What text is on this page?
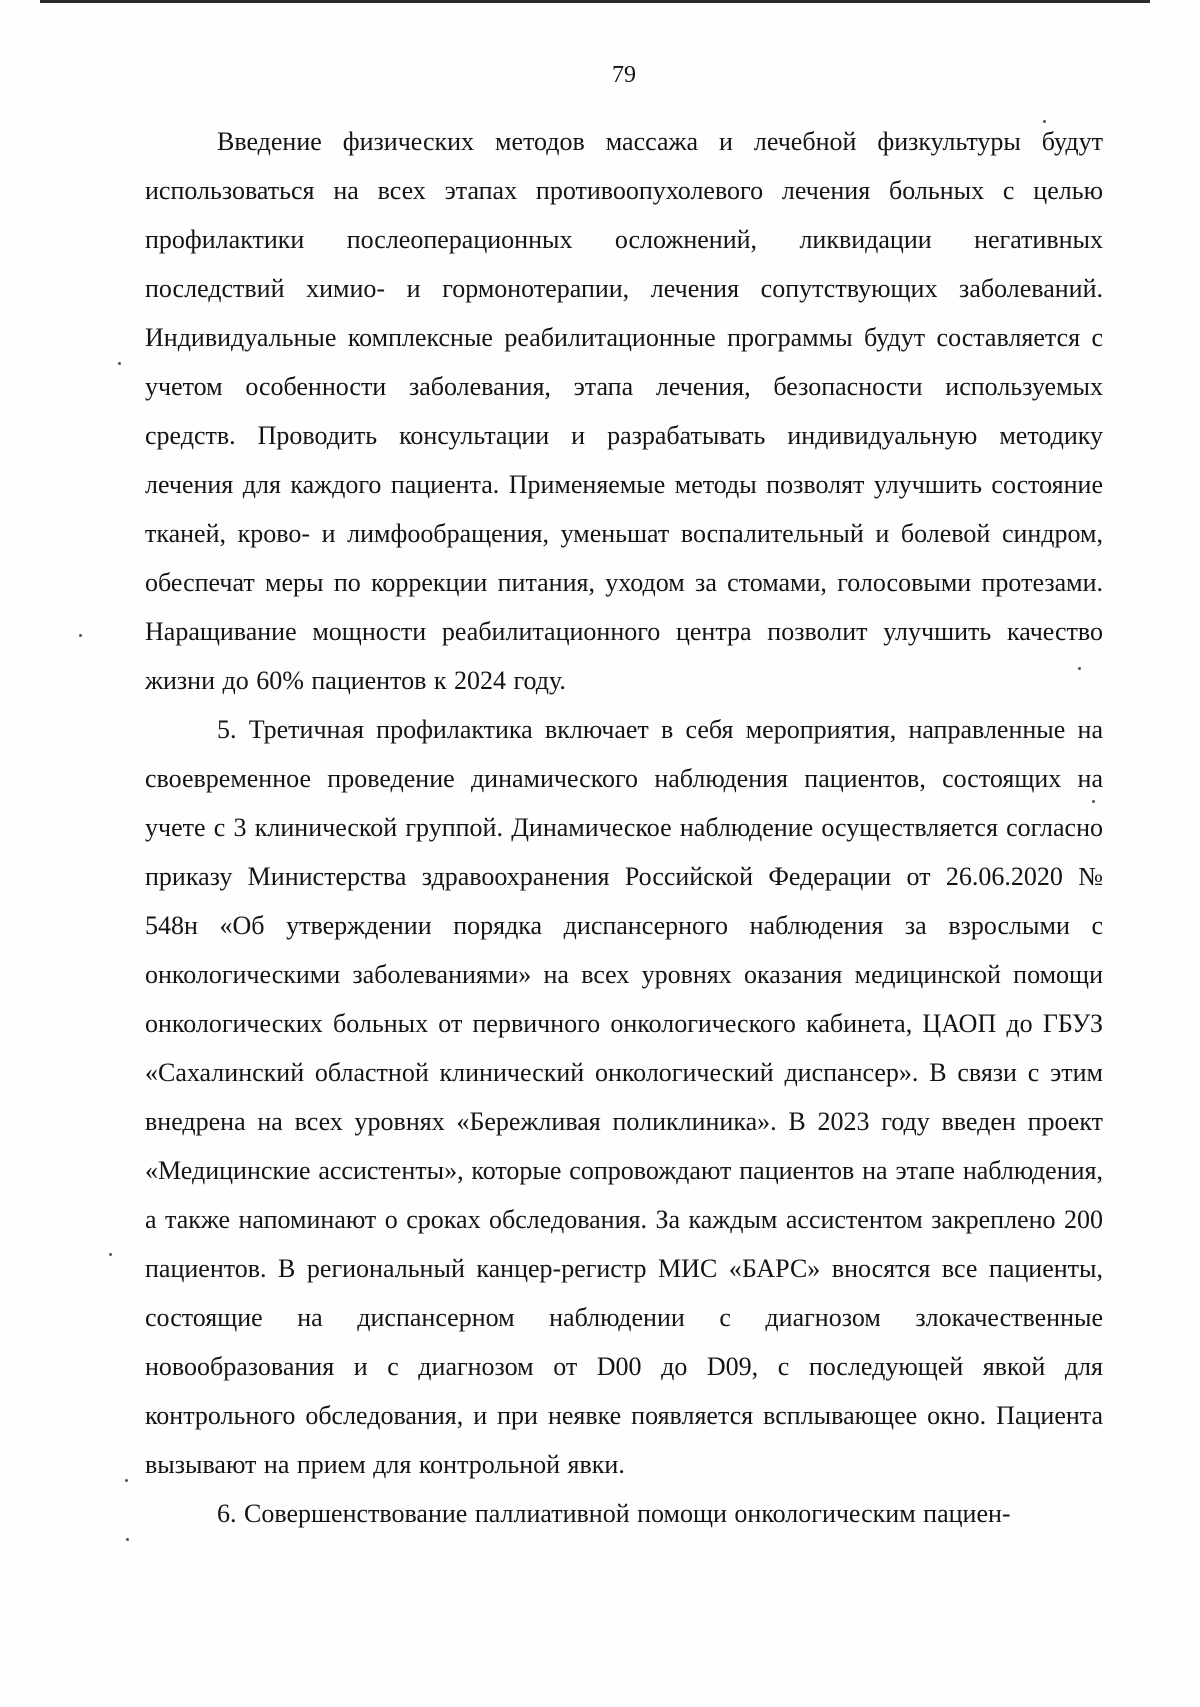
79

Введение физических методов массажа и лечебной физкультуры будут использоваться на всех этапах противоопухолевого лечения больных с целью профилактики послеоперационных осложнений, ликвидации негативных последствий химио- и гормонотерапии, лечения сопутствующих заболеваний. Индивидуальные комплексные реабилитационные программы будут составляется с учетом особенности заболевания, этапа лечения, безопасности используемых средств. Проводить консультации и разрабатывать индивидуальную методику лечения для каждого пациента. Применяемые методы позволят улучшить состояние тканей, крово- и лимфообращения, уменьшат воспалительный и болевой синдром, обеспечат меры по коррекции питания, уходом за стомами, голосовыми протезами. Наращивание мощности реабилитационного центра позволит улучшить качество жизни до 60% пациентов к 2024 году.

5. Третичная профилактика включает в себя мероприятия, направленные на своевременное проведение динамического наблюдения пациентов, состоящих на учете с 3 клинической группой. Динамическое наблюдение осуществляется согласно приказу Министерства здравоохранения Российской Федерации от 26.06.2020 № 548н «Об утверждении порядка диспансерного наблюдения за взрослыми с онкологическими заболеваниями» на всех уровнях оказания медицинской помощи онкологических больных от первичного онкологического кабинета, ЦАОП до ГБУЗ «Сахалинский областной клинический онкологический диспансер». В связи с этим внедрена на всех уровнях «Бережливая поликлиника». В 2023 году введен проект «Медицинские ассистенты», которые сопровождают пациентов на этапе наблюдения, а также напоминают о сроках обследования. За каждым ассистентом закреплено 200 пациентов. В региональный канцер-регистр МИС «БАРС» вносятся все пациенты, состоящие на диспансерном наблюдении с диагнозом злокачественные новообразования и с диагнозом от D00 до D09, с последующей явкой для контрольного обследования, и при неявке появляется всплывающее окно. Пациента вызывают на прием для контрольной явки.

6. Совершенствование паллиативной помощи онкологическим пациен-
